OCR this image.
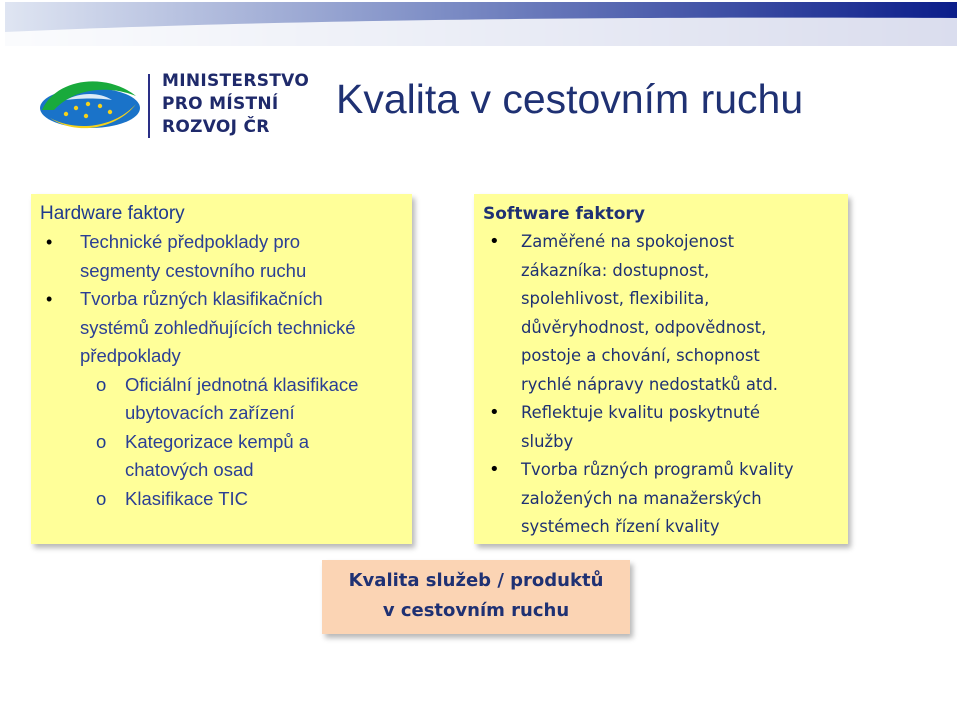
MINISTERSTVO
PRO MÍSTNÍ
ROZVOJ ČR
Kvalita v cestovním ruchu
Hardware faktory
• Technické předpoklady pro
segmenty cestovního ruchu
• Tvorba různých klasifikačních
systémů zohledňujících technické
předpoklady
o Oficiální jednotná klasifikace
ubytovacích zařízení
o Kategorizace kempů a
chatových osad
o Klasifikace TIC
Software faktory
• Zaměřené na spokojenost
zákazníka: dostupnost,
spolehlivost, flexibilita,
důvěryhodnost, odpovědnost,
postoje a chování, schopnost
rychlé nápravy nedostatků atd.
• Reflektuje kvalitu poskytnuté
služby
• Tvorba různých programů kvality
založených na manažerských
systémech řízení kvality
Kvalita služeb / produktů
v cestovním ruchu
